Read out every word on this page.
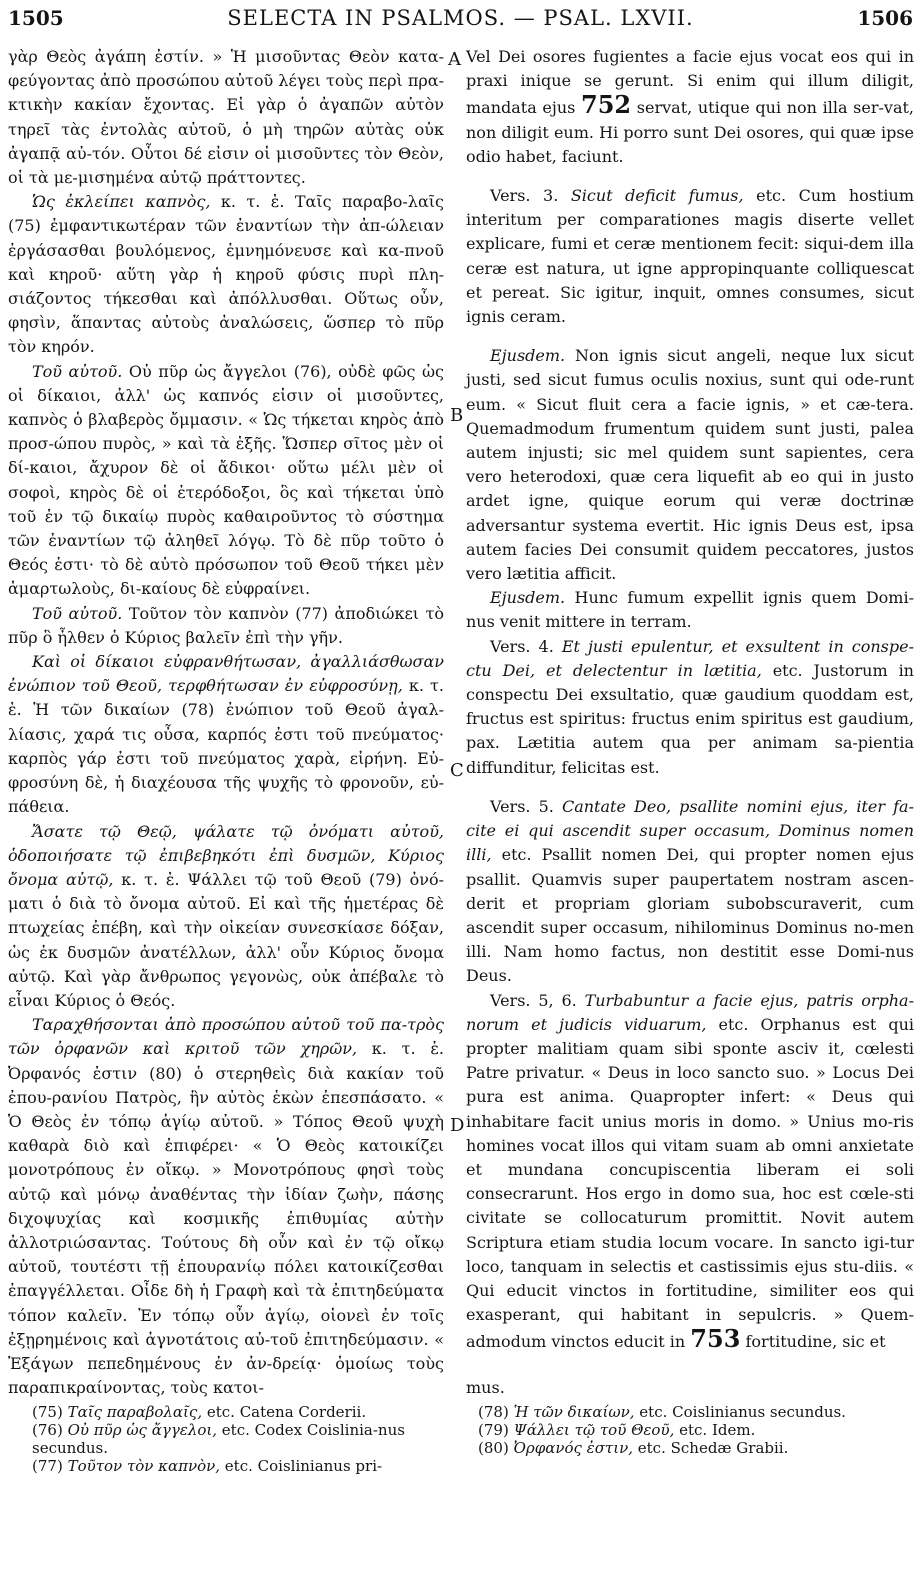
1505	SELECTA IN PSALMOS. — PSAL. LXVII.	1506

γὰρ Θεὸς ἀγάπη ἐστίν. » Ἡ μισοῦντας Θεὸν κατα-φεύγοντας ἀπὸ προσώπου αὐτοῦ λέγει τοὺς περὶ πρα-κτικὴν κακίαν ἔχοντας. Εἰ γὰρ ὁ ἀγαπῶν αὐτὸν τηρεῖ τὰς ἐντολὰς αὐτοῦ, ὁ μὴ τηρῶν αὐτὰς οὐκ ἀγαπᾷ αὐ-τόν. Οὗτοι δέ εἰσιν οἱ μισοῦντες τὸν Θεὸν, οἱ τὰ με-μισημένα αὐτῷ πράττοντες.

Ὡς ἐκλείπει καπνὸς, κ. τ. ἑ. Ταῖς παραβο-λαῖς (75) ἐμφαντικωτέραν τῶν ἐναντίων τὴν ἀπ-ώλειαν ἐργάσασθαι βουλόμενος, ἐμνημόνευσε καὶ κα-πνοῦ καὶ κηροῦ· αὕτη γὰρ ἡ κηροῦ φύσις πυρὶ πλη-σιάζοντος τήκεσθαι καὶ ἀπόλλυσθαι. Οὕτως οὖν, φησὶν, ἅπαντας αὐτοὺς ἀναλώσεις, ὥσπερ τὸ πῦρ τὸν κηρόν.

Τοῦ αὐτοῦ. Οὐ πῦρ ὡς ἄγγελοι (76), οὐδὲ φῶς ὡς οἱ δίκαιοι, ἀλλ' ὡς καπνός εἰσιν οἱ μισοῦντες, καπνὸς ὁ βλαβερὸς ὄμμασιν. « Ὡς τήκεται κηρὸς ἀπὸ προσ-ώπου πυρὸς, » καὶ τὰ ἑξῆς. Ὥσπερ σῖτος μὲν οἱ δί-καιοι, ἄχυρον δὲ οἱ ἄδικοι· οὕτω μέλι μὲν οἱ σοφοὶ, κηρὸς δὲ οἱ ἑτερόδοξοι, ὃς καὶ τήκεται ὑπὸ τοῦ ἐν τῷ δικαίῳ πυρὸς καθαιροῦντος τὸ σύστημα τῶν ἐναντίων τῷ ἀληθεῖ λόγῳ. Τὸ δὲ πῦρ τοῦτο ὁ Θεός ἐστι· τὸ δὲ αὐτὸ πρόσωπον τοῦ Θεοῦ τήκει μὲν ἁμαρτωλοὺς, δι-καίους δὲ εὐφραίνει.

Τοῦ αὐτοῦ. Τοῦτον τὸν καπνὸν (77) ἀποδιώκει τὸ πῦρ ὃ ἦλθεν ὁ Κύριος βαλεῖν ἐπὶ τὴν γῆν.

Καὶ οἱ δίκαιοι εὐφρανθήτωσαν, ἀγαλλιάσθωσαν ἐνώπιον τοῦ Θεοῦ, τερφθήτωσαν ἐν εὐφροσύνῃ, κ. τ. ἑ. Ἡ τῶν δικαίων (78) ἐνώπιον τοῦ Θεοῦ ἀγαλ-λίασις, χαρά τις οὖσα, καρπός ἐστι τοῦ πνεύματος· καρπὸς γάρ ἐστι τοῦ πνεύματος χαρὰ, εἰρήνη. Εὐ-φροσύνη δὲ, ἡ διαχέουσα τῆς ψυχῆς τὸ φρονοῦν, εὐ-πάθεια.

Ἄσατε τῷ Θεῷ, ψάλατε τῷ ὀνόματι αὐτοῦ, ὁδοποιήσατε τῷ ἐπιβεβηκότι ἐπὶ δυσμῶν, Κύριος ὄνομα αὐτῷ, κ. τ. ἑ. Ψάλλει τῷ τοῦ Θεοῦ (79) ὀνό-ματι ὁ διὰ τὸ ὄνομα αὐτοῦ. Εἰ καὶ τῆς ἡμετέρας δὲ πτωχείας ἐπέβη, καὶ τὴν οἰκείαν συνεσκίασε δόξαν, ὡς ἐκ δυσμῶν ἀνατέλλων, ἀλλ' οὖν Κύριος ὄνομα αὐτῷ. Καὶ γὰρ ἄνθρωπος γεγονὼς, οὐκ ἀπέβαλε τὸ εἶναι Κύριος ὁ Θεός.

Ταραχθήσονται ἀπὸ προσώπου αὐτοῦ τοῦ πα-τρὸς τῶν ὀρφανῶν καὶ κριτοῦ τῶν χηρῶν, κ. τ. ἑ. Ὀρφανός ἐστιν (80) ὁ στερηθεὶς διὰ κακίαν τοῦ ἐπου-ρανίου Πατρὸς, ἣν αὐτὸς ἑκὼν ἐπεσπάσατο. « Ὁ Θεὸς ἐν τόπῳ ἁγίῳ αὐτοῦ. » Τόπος Θεοῦ ψυχὴ καθαρὰ διὸ καὶ ἐπιφέρει· « Ὁ Θεὸς κατοικίζει μονοτρόπους ἐν οἴκῳ. » Μονοτρόπους φησὶ τοὺς αὐτῷ καὶ μόνῳ ἀναθέντας τὴν ἰδίαν ζωὴν, πάσης διχοψυχίας καὶ κοσμικῆς ἐπιθυμίας αὐτὴν ἀλλοτριώσαντας. Τούτους δὴ οὖν καὶ ἐν τῷ οἴκῳ αὐτοῦ, τουτέστι τῇ ἐπουρανίῳ πόλει κατοικίζεσθαι ἐπαγγέλλεται. Οἶδε δὴ ἡ Γραφὴ καὶ τὰ ἐπιτηδεύματα τόπον καλεῖν. Ἐν τόπῳ οὖν ἁγίῳ, οἱονεὶ ἐν τοῖς ἐξῃρημένοις καὶ ἁγνοτάτοις αὐ-τοῦ ἐπιτηδεύμασιν. « Ἐξάγων πεπεδημένους ἐν ἀν-δρείᾳ· ὁμοίως τοὺς παραπικραίνοντας, τοὺς κατοι-

A
B
C
D

Vel Dei osores fugientes a facie ejus vocat eos qui in praxi inique se gerunt. Si enim qui illum diligit, mandata ejus 752 servat, utique qui non illa ser-vat, non diligit eum. Hi porro sunt Dei osores, qui quæ ipse odio habet, faciunt.

Vers. 3. Sicut deficit fumus, etc. Cum hostium interitum per comparationes magis diserte vellet explicare, fumi et ceræ mentionem fecit: siqui-dem illa ceræ est natura, ut igne appropinquante colliquescat et pereat. Sic igitur, inquit, omnes consumes, sicut ignis ceram.

Ejusdem. Non ignis sicut angeli, neque lux sicut justi, sed sicut fumus oculis noxius, sunt qui ode-runt eum. « Sicut fluit cera a facie ignis, » et cæ-tera. Quemadmodum frumentum quidem sunt justi, palea autem injusti; sic mel quidem sunt sapientes, cera vero heterodoxi, quæ cera liquefit ab eo qui in justo ardet igne, quique eorum qui veræ doctrinæ adversantur systema evertit. Hic ignis Deus est, ipsa autem facies Dei consumit quidem peccatores, justos vero lætitia afficit.

Ejusdem. Hunc fumum expellit ignis quem Domi-nus venit mittere in terram.

Vers. 4. Et justi epulentur, et exsultent in conspe-ctu Dei, et delectentur in lætitia, etc. Justorum in conspectu Dei exsultatio, quæ gaudium quoddam est, fructus est spiritus: fructus enim spiritus est gaudium, pax. Lætitia autem qua per animam sa-pientia diffunditur, felicitas est.

Vers. 5. Cantate Deo, psallite nomini ejus, iter fa-cite ei qui ascendit super occasum, Dominus nomen illi, etc. Psallit nomen Dei, qui propter nomen ejus psallit. Quamvis super paupertatem nostram ascen-derit et propriam gloriam subobscuraverit, cum ascendit super occasum, nihilominus Dominus no-men illi. Nam homo factus, non destitit esse Domi-nus Deus.

Vers. 5, 6. Turbabuntur a facie ejus, patris orpha-norum et judicis viduarum, etc. Orphanus est qui propter malitiam quam sibi sponte asciv it, cœlesti Patre privatur. « Deus in loco sancto suo. » Locus Dei pura est anima. Quapropter infert: « Deus qui inhabitare facit unius moris in domo. » Unius mo-ris homines vocat illos qui vitam suam ab omni anxietate et mundana concupiscentia liberam ei soli consecrarunt. Hos ergo in domo sua, hoc est cœle-sti civitate se collocaturum promittit. Novit autem Scriptura etiam studia locum vocare. In sancto igi-tur loco, tanquam in selectis et castissimis ejus stu-diis. « Qui educit vinctos in fortitudine, similiter eos qui exasperant, qui habitant in sepulcris. » Quem-admodum vinctos educit in 753 fortitudine, sic et

mus.

(75) Ταῖς παραβολαῖς, etc. Catena Corderii.

(76) Οὐ πῦρ ὡς ἄγγελοι, etc. Codex Coislinia-nus secundus.

(77) Τοῦτον τὸν καπνὸν, etc. Coislinianus pri-

(78) Ἡ τῶν δικαίων, etc. Coislinianus secundus.

(79) Ψάλλει τῷ τοῦ Θεοῦ, etc. Idem.

(80) Ὀρφανός ἐστιν, etc. Schedæ Grabii.
